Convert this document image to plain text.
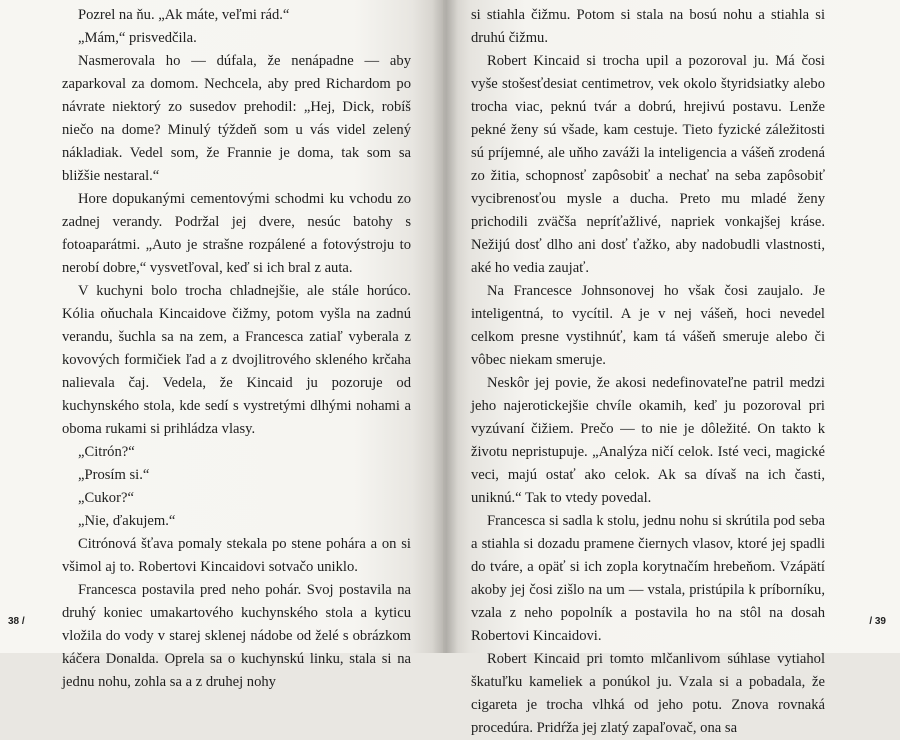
Pozrel na ňu. „Ak máte, veľmi rád.“

„Mám,“ prisvedčila.

Nasmerovala ho — dúfala, že nenápadne — aby zaparkoval za domom. Nechcela, aby pred Richardom po návrate niektorý zo susedov prehodil: „Hej, Dick, robíš niečo na dome? Minulý týždeň som u vás videl zelený nákladiak. Vedel som, že Frannie je doma, tak som sa bližšie nestaral.“

Hore dopukanými cementovými schodmi ku vchodu zo zadnej verandy. Podržal jej dvere, nesúc batohy s fotoaparátmi. „Auto je strašne rozpálené a fotovýstroju to nerobí dobre,“ vysvetľoval, keď si ich bral z auta.

V kuchyni bolo trocha chladnejšie, ale stále horúco. Kólia oňuchala Kincaidove čižmy, potom vyšla na zadnú verandu, šuchla sa na zem, a Francesca zatiaľ vyberala z kovových formičiek ľad a z dvojlitrového skleného krčaha nalievala čaj. Vedela, že Kincaid ju pozoruje od kuchynského stola, kde sedí s vystretými dlhými nohami a oboma rukami si prihládza vlasy.

„Citrón?“

„Prosím si.“

„Cukor?“

„Nie, ďakujem.“

Citrónová šťava pomaly stekala po stene pohára a on si všimol aj to. Robertovi Kincaidovi sotvačo uniklo.

Francesca postavila pred neho pohár. Svoj postavila na druhý koniec umakartového kuchynského stola a kyticu vložila do vody v starej sklenej nádobe od želé s obrázkom káčera Donalda. Oprela sa o kuchynskú linku, stala si na jednu nohu, zohla sa a z druhej nohy

38 /

si stiahla čižmu. Potom si stala na bosú nohu a stiahla si druhú čižmu.

Robert Kincaid si trocha upil a pozoroval ju. Má čosi vyše stošesťdesiat centimetrov, vek okolo štyridsiatky alebo trocha viac, peknú tvár a dobrú, hrejivú postavu. Lenže pekné ženy sú všade, kam cestuje. Tieto fyzické záležitosti sú príjemné, ale uňho zaváži la inteligencia a vášeň zrodená zo žitia, schopnosť zapôsobiť a nechať na seba zapôsobiť vycibrenosťou mysle a ducha. Preto mu mladé ženy prichodili zväčša nepríťažlivé, napriek vonkajšej kráse. Nežijú dosť dlho ani dosť ťažko, aby nadobudli vlastnosti, aké ho vedia zaujať.

Na Francesce Johnsonovej ho však čosi zaujalo. Je inteligentná, to vycítil. A je v nej vášeň, hoci nevedel celkom presne vystihnúť, kam tá vášeň smeruje alebo či vôbec niekam smeruje.

Neskôr jej povie, že akosi nedefinovateľne patril medzi jeho najerotickejšie chvíle okamih, keď ju pozoroval pri vyzúvaní čižiem. Prečo — to nie je dôležité. On takto k životu nepristupuje. „Analýza ničí celok. Isté veci, magické veci, majú ostať ako celok. Ak sa dívaš na ich časti, uniknú.“ Tak to vtedy povedal.

Francesca si sadla k stolu, jednu nohu si skrútila pod seba a stiahla si dozadu pramene čiernych vlasov, ktoré jej spadli do tváre, a opäť si ich zopla korytnačím hrebeňom. Vzápätí akoby jej čosi zišlo na um — vstala, pristúpila k príborníku, vzala z neho popolník a postavila ho na stôl na dosah Robertovi Kincaidovi.

Robert Kincaid pri tomto mlčanlivom súhlase vytiahol škatuľku kameliek a ponúkol ju. Vzala si a pobadala, že cigareta je trocha vlhká od jeho potu. Znova rovnaká procedúra. Pridŕža jej zlatý zapaľovač, ona sa

/ 39
